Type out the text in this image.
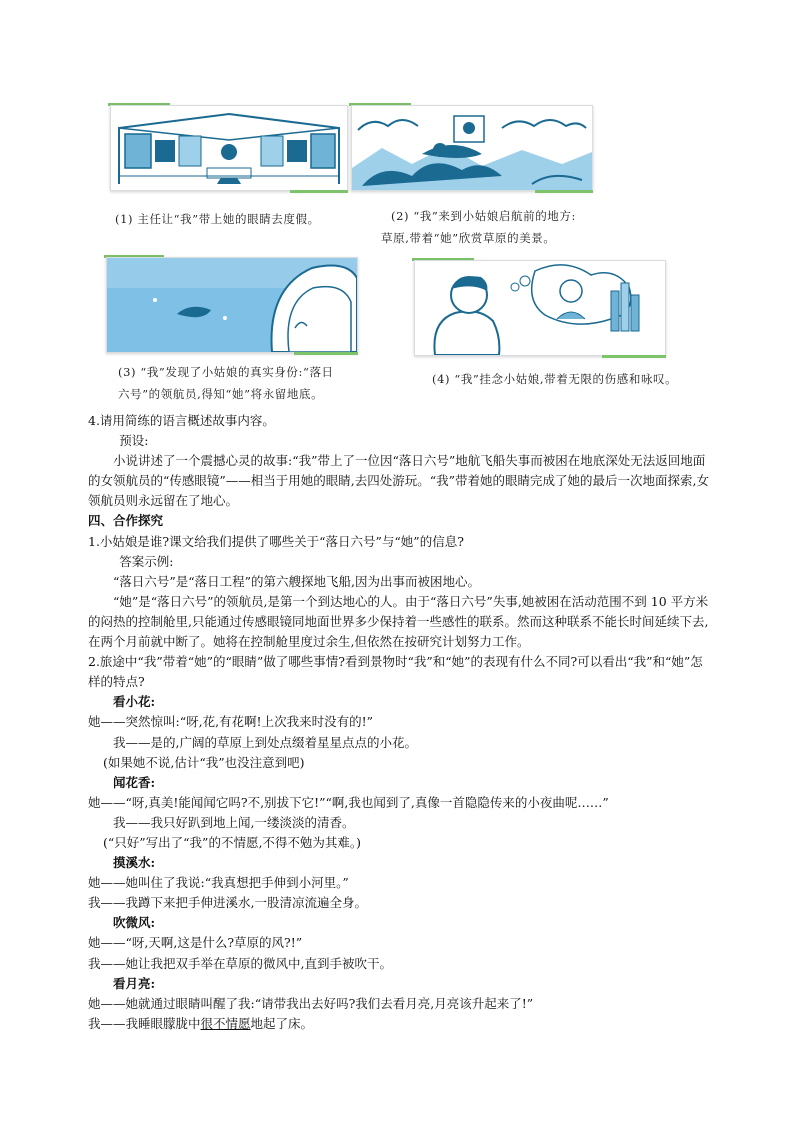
(1) 主任让“我”带上她的眼睛去度假。	(2) “我”来到小姑娘启航前的地方:
草原,带着“她”欣赏草原的美景。
(3) “我”发现了小姑娘的真实身份:“落日
六号”的领航员,得知“她”将永留地底。
(4) “我”挂念小姑娘,带着无限的伤感和咏叹。

4.请用简练的语言概述故事内容。

预设:

小说讲述了一个震撼心灵的故事:“我”带上了一位因“落日六号”地航飞船失事而被困在地底深处无法返回地面的女领航员的“传感眼镜”——相当于用她的眼睛,去四处游玩。“我”带着她的眼睛完成了她的最后一次地面探索,女领航员则永远留在了地心。

四、合作探究

1.小姑娘是谁?课文给我们提供了哪些关于“落日六号”与“她”的信息?

答案示例:

“落日六号”是“落日工程”的第六艘探地飞船,因为出事而被困地心。

“她”是“落日六号”的领航员,是第一个到达地心的人。由于“落日六号”失事,她被困在活动范围不到 10 平方米的闷热的控制舱里,只能通过传感眼镜同地面世界多少保持着一些感性的联系。然而这种联系不能长时间延续下去,在两个月前就中断了。她将在控制舱里度过余生,但依然在按研究计划努力工作。

2.旅途中“我”带着“她”的“眼睛”做了哪些事情?看到景物时“我”和“她”的表现有什么不同?可以看出“我”和“她”怎样的特点?

看小花:

她——突然惊叫:“呀,花,有花啊!上次我来时没有的!”

我——是的,广阔的草原上到处点缀着星星点点的小花。

(如果她不说,估计“我”也没注意到吧)

闻花香:

她——“呀,真美!能闻闻它吗?不,别拔下它!”“啊,我也闻到了,真像一首隐隐传来的小夜曲呢……”

我——我只好趴到地上闻,一缕淡淡的清香。

(“只好”写出了“我”的不情愿,不得不勉为其难。)

摸溪水:

她——她叫住了我说:“我真想把手伸到小河里。”

我——我蹲下来把手伸进溪水,一股清凉流遍全身。

吹微风:

她——“呀,天啊,这是什么?草原的风?!”

我——她让我把双手举在草原的微风中,直到手被吹干。

看月亮:

她——她就通过眼睛叫醒了我:“请带我出去好吗?我们去看月亮,月亮该升起来了!”

我——我睡眼朦胧中很不情愿地起了床。
